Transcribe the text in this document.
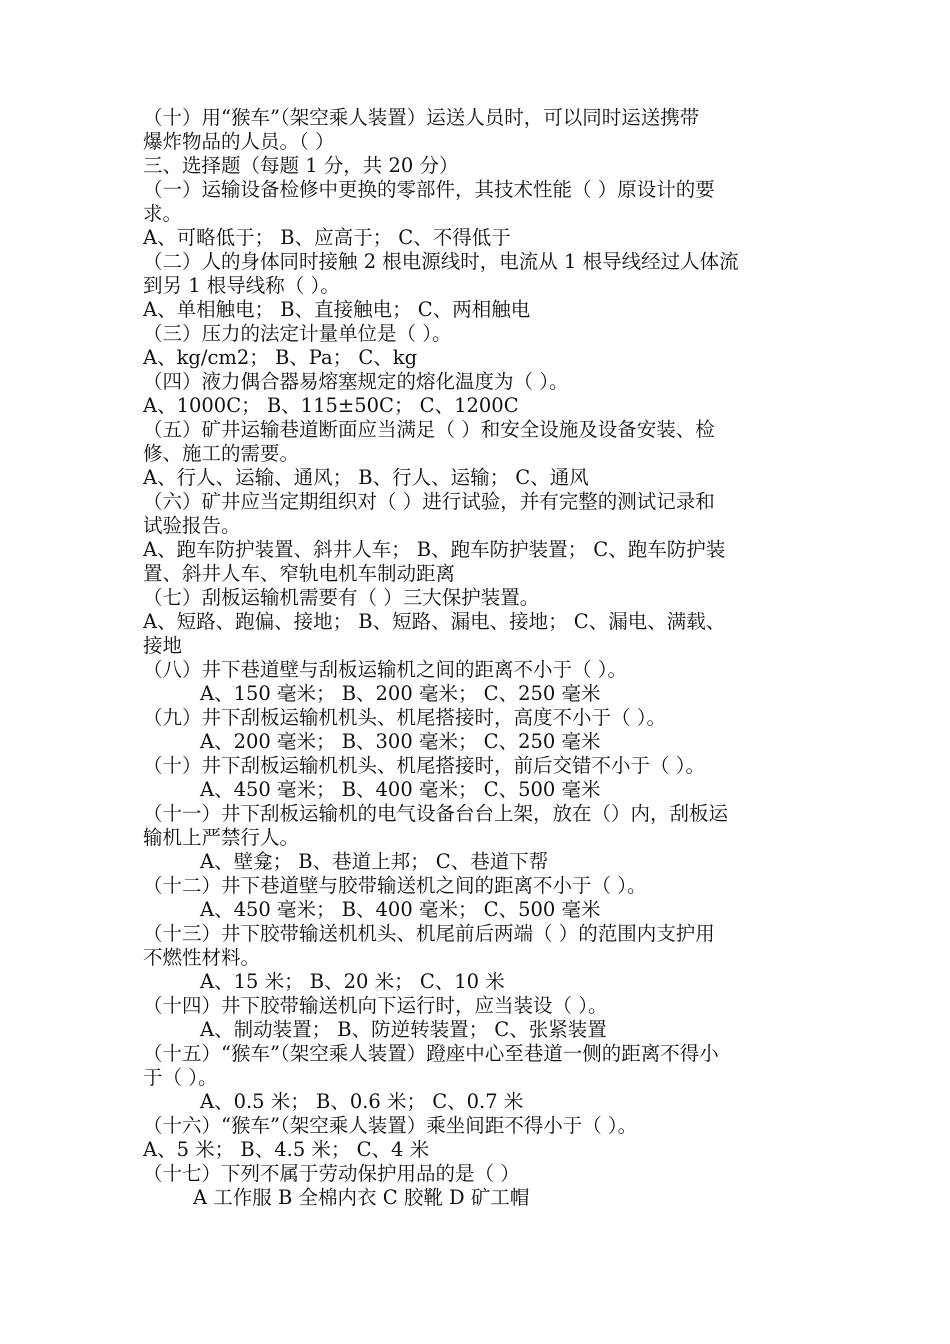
（十）用“猴车”（架空乘人装置）运送人员时，可以同时运送携带
爆炸物品的人员。（ ）
三、选择题（每题 1 分，共 20 分）
（一）运输设备检修中更换的零部件，其技术性能（ ）原设计的要
求。
A、可略低于； B、应高于； C、不得低于
（二）人的身体同时接触 2 根电源线时，电流从 1 根导线经过人体流
到另 1 根导线称（ ）。
A、单相触电； B、直接触电； C、两相触电
（三）压力的法定计量单位是（ ）。
A、kg/cm2； B、Pa； C、kg
（四）液力偶合器易熔塞规定的熔化温度为（ ）。
A、1000C； B、115±50C； C、1200C
（五）矿井运输巷道断面应当满足（ ）和安全设施及设备安装、检
修、施工的需要。
A、行人、运输、通风； B、行人、运输； C、通风
（六）矿井应当定期组织对（ ）进行试验，并有完整的测试记录和
试验报告。
A、跑车防护装置、斜井人车； B、跑车防护装置； C、跑车防护装
置、斜井人车、窄轨电机车制动距离
（七）刮板运输机需要有（ ）三大保护装置。
A、短路、跑偏、接地； B、短路、漏电、接地； C、漏电、满载、
接地
（八）井下巷道壁与刮板运输机之间的距离不小于（ ）。
A、150 毫米； B、200 毫米； C、250 毫米
（九）井下刮板运输机机头、机尾搭接时，高度不小于（ ）。
A、200 毫米； B、300 毫米； C、250 毫米
（十）井下刮板运输机机头、机尾搭接时，前后交错不小于（ ）。
A、450 毫米； B、400 毫米； C、500 毫米
（十一）井下刮板运输机的电气设备台台上架，放在（）内，刮板运
输机上严禁行人。
A、壁龛； B、巷道上邦； C、巷道下帮
（十二）井下巷道壁与胶带输送机之间的距离不小于（ ）。
A、450 毫米； B、400 毫米； C、500 毫米
（十三）井下胶带输送机机头、机尾前后两端（ ）的范围内支护用
不燃性材料。
A、15 米； B、20 米； C、10 米
（十四）井下胶带输送机向下运行时，应当装设（ ）。
A、制动装置； B、防逆转装置； C、张紧装置
（十五）“猴车”（架空乘人装置）蹬座中心至巷道一侧的距离不得小
于（ ）。
A、0.5 米； B、0.6 米； C、0.7 米
（十六）“猴车”（架空乘人装置）乘坐间距不得小于（ ）。
A、5 米； B、4.5 米； C、4 米
（十七）下列不属于劳动保护用品的是（ ）
A 工作服 B 全棉内衣 C 胶靴 D 矿工帽
